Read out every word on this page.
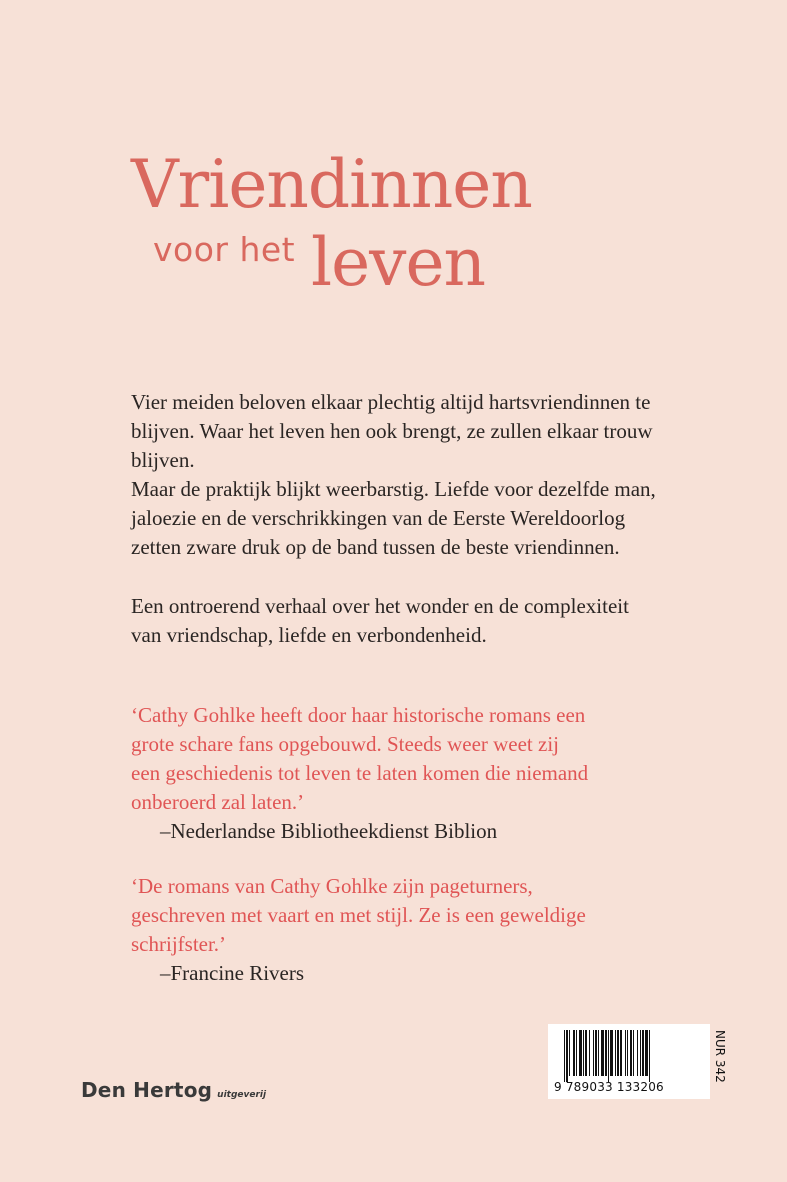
Vriendinnen
voor het leven

Vier meiden beloven elkaar plechtig altijd hartsvriendinnen te

blijven. Waar het leven hen ook brengt, ze zullen elkaar trouw

blijven.

Maar de praktijk blijkt weerbarstig. Liefde voor dezelfde man,

jaloezie en de verschrikkingen van de Eerste Wereldoorlog

zetten zware druk op de band tussen de beste vriendinnen.

Een ontroerend verhaal over het wonder en de complexiteit

van vriendschap, liefde en verbondenheid.

‘Cathy Gohlke heeft door haar historische romans een

grote schare fans opgebouwd. Steeds weer weet zij

een geschiedenis tot leven te laten komen die niemand

onberoerd zal laten.’

–Nederlandse Bibliotheekdienst Biblion

‘De romans van Cathy Gohlke zijn pageturners,

geschreven met vaart en met stijl. Ze is een geweldige

schrijfster.’

–Francine Rivers

Den Hertog uitgeverij
9 789033 133206
NUR 342
